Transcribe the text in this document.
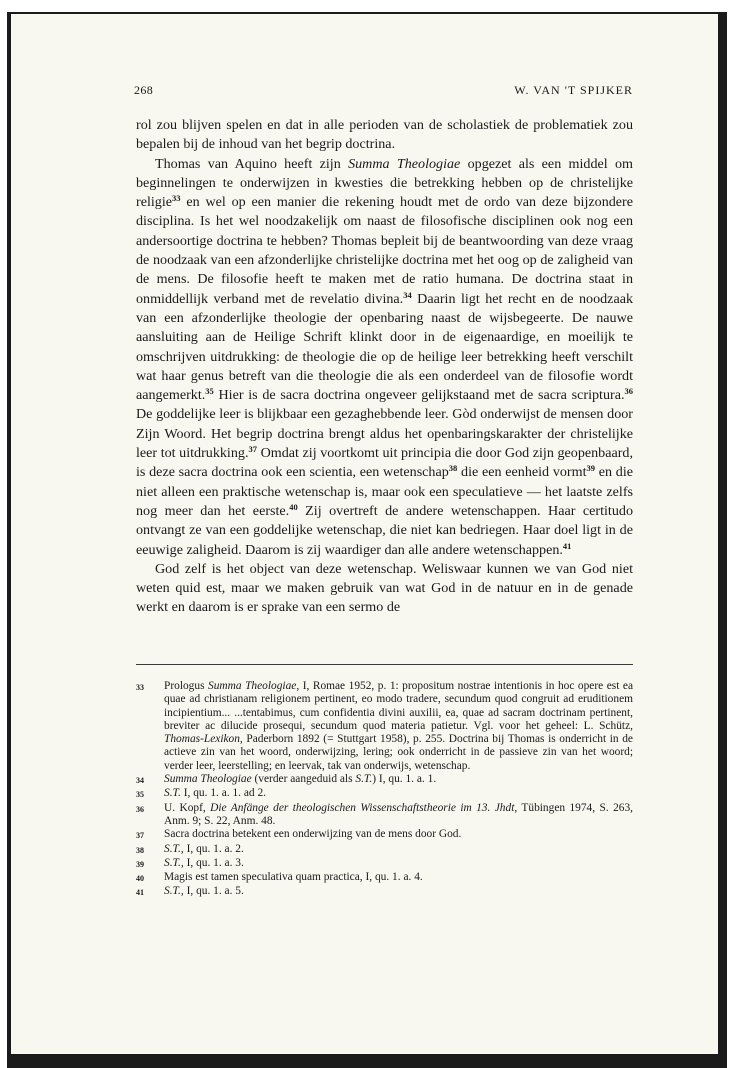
268	W. VAN 'T SPIJKER

rol zou blijven spelen en dat in alle perioden van de scholastiek de problematiek zou bepalen bij de inhoud van het begrip doctrina.

Thomas van Aquino heeft zijn Summa Theologiae opgezet als een middel om beginnelingen te onderwijzen in kwesties die betrekking hebben op de christelijke religie$^{33}$ en wel op een manier die rekening houdt met de ordo van deze bijzondere disciplina. Is het wel noodzakelijk om naast de filosofische disciplinen ook nog een andersoortige doctrina te hebben? Thomas bepleit bij de beantwoording van deze vraag de noodzaak van een afzonderlijke christelijke doctrina met het oog op de zaligheid van de mens. De filosofie heeft te maken met de ratio humana. De doctrina staat in onmiddellijk verband met de revelatio divina.$^{34}$ Daarin ligt het recht en de noodzaak van een afzonderlijke theologie der openbaring naast de wijsbegeerte. De nauwe aansluiting aan de Heilige Schrift klinkt door in de eigenaardige, en moeilijk te omschrijven uitdrukking: de theologie die op de heilige leer betrekking heeft verschilt wat haar genus betreft van die theologie die als een onderdeel van de filosofie wordt aangemerkt.$^{35}$ Hier is de sacra doctrina ongeveer gelijkstaand met de sacra scriptura.$^{36}$ De goddelijke leer is blijkbaar een gezaghebbende leer. Gòd onderwijst de mensen door Zijn Woord. Het begrip doctrina brengt aldus het openbaringskarakter der christelijke leer tot uitdrukking.$^{37}$ Omdat zij voortkomt uit principia die door God zijn geopenbaard, is deze sacra doctrina ook een scientia, een wetenschap$^{38}$ die een eenheid vormt$^{39}$ en die niet alleen een praktische wetenschap is, maar ook een speculatieve — het laatste zelfs nog meer dan het eerste.$^{40}$ Zij overtreft de andere wetenschappen. Haar certitudo ontvangt ze van een goddelijke wetenschap, die niet kan bedriegen. Haar doel ligt in de eeuwige zaligheid. Daarom is zij waardiger dan alle andere wetenschappen.$^{41}$

God zelf is het object van deze wetenschap. Weliswaar kunnen we van God niet weten quid est, maar we maken gebruik van wat God in de natuur en in de genade werkt en daarom is er sprake van een sermo de

33	Prologus Summa Theologiae, I, Romae 1952, p. 1: propositum nostrae intentionis in hoc opere est ea quae ad christianam religionem pertinent, eo modo tradere, secundum quod congruit ad eruditionem incipientium... ...tentabimus, cum confidentia divini auxilii, ea, quae ad sacram doctrinam pertinent, breviter ac dilucide prosequi, secundum quod materia patietur. Vgl. voor het geheel: L. Schütz, Thomas-Lexikon, Paderborn 1892 (= Stuttgart 1958), p. 255. Doctrina bij Thomas is onderricht in de actieve zin van het woord, onderwijzing, lering; ook onderricht in de passieve zin van het woord; verder leer, leerstelling; en leervak, tak van onderwijs, wetenschap.
34	Summa Theologiae (verder aangeduid als S.T.) I, qu. 1. a. 1.
35	S.T. I, qu. 1. a. 1. ad 2.
36	U. Kopf, Die Anfänge der theologischen Wissenschaftstheorie im 13. Jhdt, Tübingen 1974, S. 263, Anm. 9; S. 22, Anm. 48.
37	Sacra doctrina betekent een onderwijzing van de mens door God.
38	S.T., I, qu. 1. a. 2.
39	S.T., I, qu. 1. a. 3.
40	Magis est tamen speculativa quam practica, I, qu. 1. a. 4.
41	S.T., I, qu. 1. a. 5.
